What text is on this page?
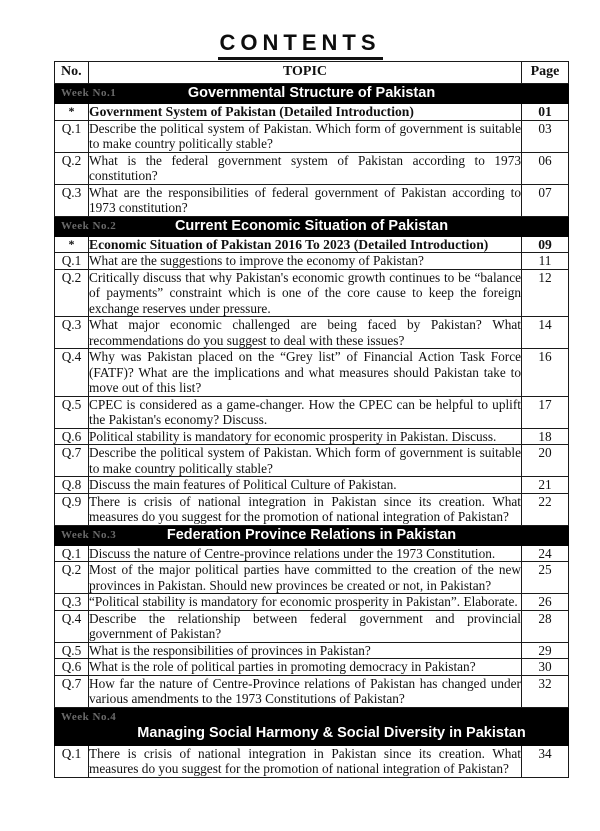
CONTENTS
No.	TOPIC	Page

Week No.1 Governmental Structure of Pakistan		

*	Government System of Pakistan (Detailed Introduction)	01
Q.1	Describe the political system of Pakistan. Which form of government is suitable to make country politically stable?	03
Q.2	What is the federal government system of Pakistan according to 1973 constitution?	06
Q.3	What are the responsibilities of federal government of Pakistan according to 1973 constitution?	07

Week No.2 Current Economic Situation of Pakistan		

*	Economic Situation of Pakistan 2016 To 2023 (Detailed Introduction)	09
Q.1	What are the suggestions to improve the economy of Pakistan?	11
Q.2	Critically discuss that why Pakistan's economic growth continues to be “balance of payments” constraint which is one of the core cause to keep the foreign exchange reserves under pressure.	12
Q.3	What major economic challenged are being faced by Pakistan? What recommendations do you suggest to deal with these issues?	14
Q.4	Why was Pakistan placed on the “Grey list” of Financial Action Task Force (FATF)? What are the implications and what measures should Pakistan take to move out of this list?	16
Q.5	CPEC is considered as a game-changer. How the CPEC can be helpful to uplift the Pakistan's economy? Discuss.	17
Q.6	Political stability is mandatory for economic prosperity in Pakistan. Discuss.	18
Q.7	Describe the political system of Pakistan. Which form of government is suitable to make country politically stable?	20
Q.8	Discuss the main features of Political Culture of Pakistan.	21
Q.9	There is crisis of national integration in Pakistan since its creation. What measures do you suggest for the promotion of national integration of Pakistan?	22

Week No.3 Federation Province Relations in Pakistan		

Q.1	Discuss the nature of Centre-province relations under the 1973 Constitution.	24
Q.2	Most of the major political parties have committed to the creation of the new provinces in Pakistan. Should new provinces be created or not, in Pakistan?	25
Q.3	“Political stability is mandatory for economic prosperity in Pakistan”. Elaborate.	26
Q.4	Describe the relationship between federal government and provincial government of Pakistan?	28
Q.5	What is the responsibilities of provinces in Pakistan?	29
Q.6	What is the role of political parties in promoting democracy in Pakistan?	30
Q.7	How far the nature of Centre-Province relations of Pakistan has changed under various amendments to the 1973 Constitutions of Pakistan?	32

Week No.4
Managing Social Harmony & Social Diversity in Pakistan		

Q.1	There is crisis of national integration in Pakistan since its creation. What measures do you suggest for the promotion of national integration of Pakistan?	34
